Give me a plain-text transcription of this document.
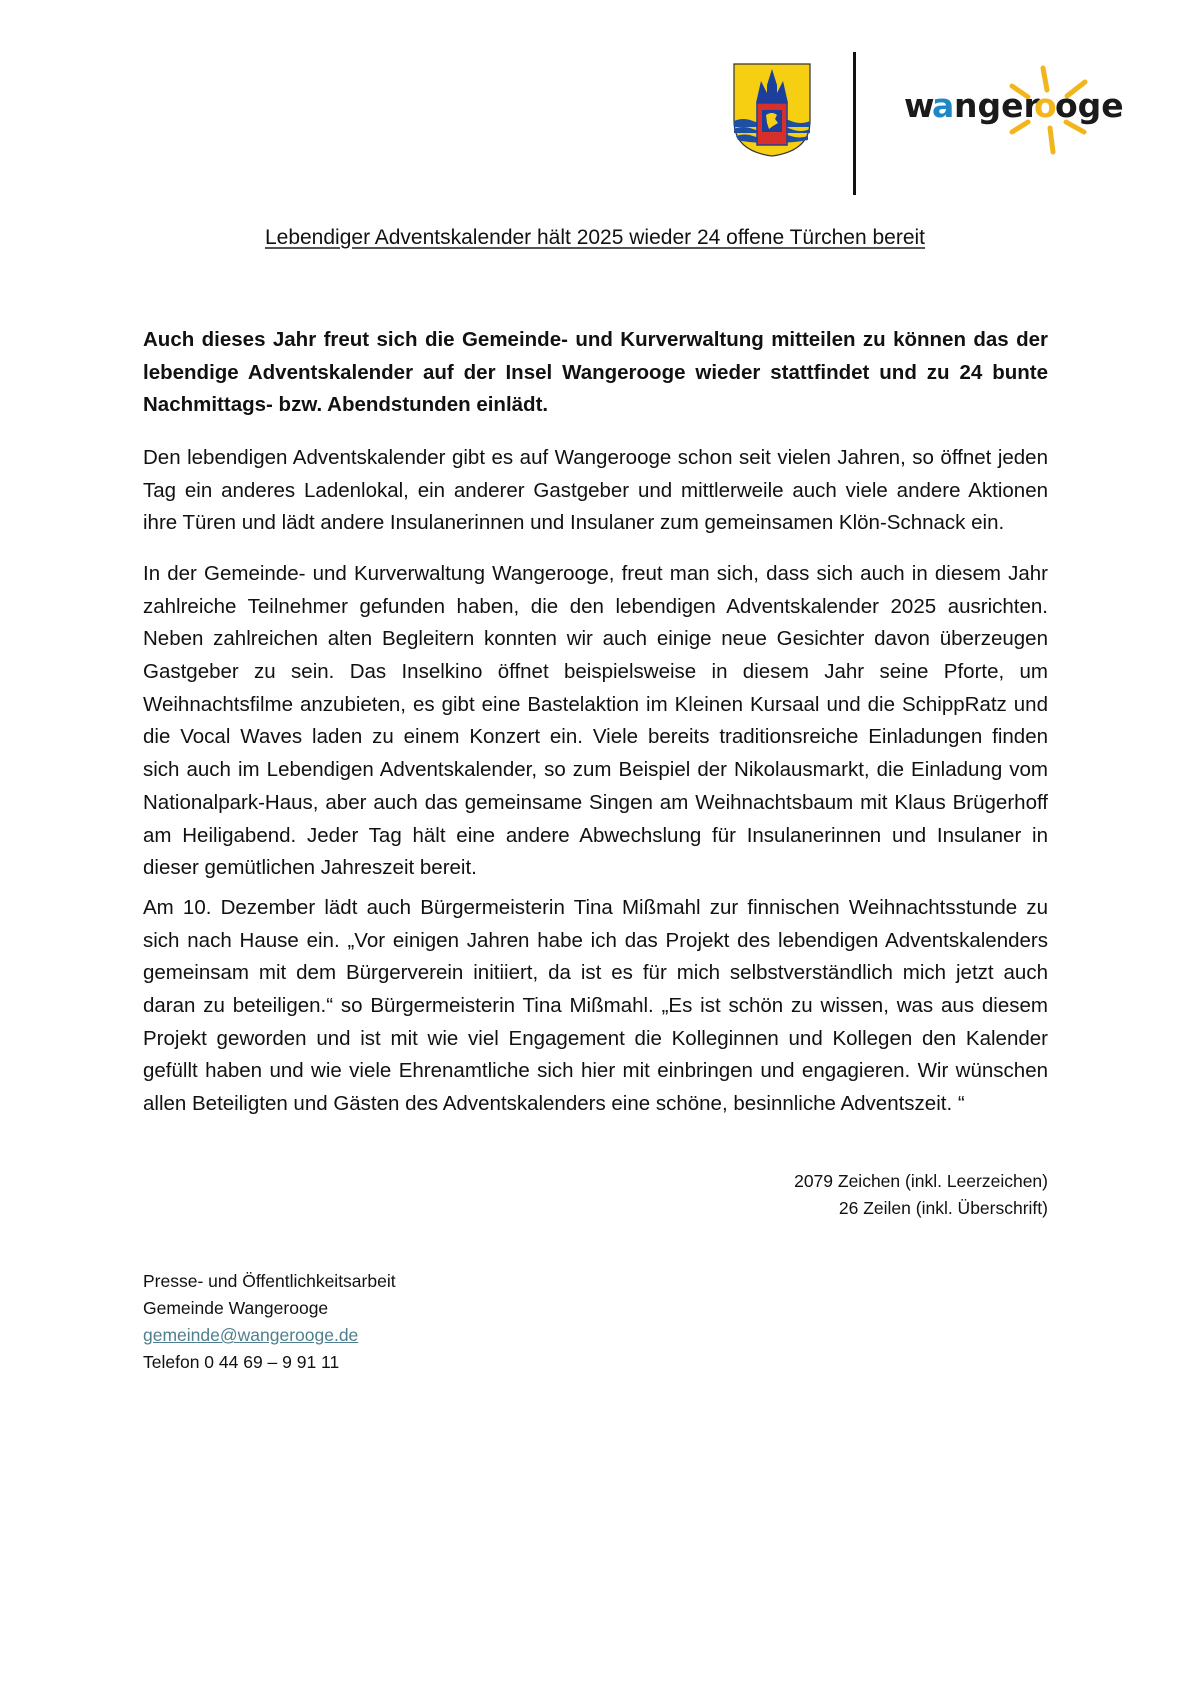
w
a nger
o
oge
Lebendiger Adventskalender hält 2025 wieder 24 offene Türchen bereit
Auch dieses Jahr freut sich die Gemeinde- und Kurverwaltung mitteilen zu können das der
lebendige Adventskalender auf der Insel Wangerooge wieder stattfindet und zu 24 bunte
Nachmittags- bzw. Abendstunden einlädt.
Den lebendigen Adventskalender gibt es auf Wangerooge schon seit vielen Jahren, so öffnet jeden
Tag ein anderes Ladenlokal, ein anderer Gastgeber und mittlerweile auch viele andere Aktionen
ihre Türen und lädt andere Insulanerinnen und Insulaner zum gemeinsamen Klön-Schnack ein.
In der Gemeinde- und Kurverwaltung Wangerooge, freut man sich, dass sich auch in diesem Jahr
zahlreiche Teilnehmer gefunden haben, die den lebendigen Adventskalender 2025 ausrichten.
Neben zahlreichen alten Begleitern konnten wir auch einige neue Gesichter davon überzeugen
Gastgeber zu sein. Das Inselkino öffnet beispielsweise in diesem Jahr seine Pforte, um
Weihnachtsfilme anzubieten, es gibt eine Bastelaktion im Kleinen Kursaal und die SchippRatz und
die Vocal Waves laden zu einem Konzert ein. Viele bereits traditionsreiche Einladungen finden
sich auch im Lebendigen Adventskalender, so zum Beispiel der Nikolausmarkt, die Einladung vom
Nationalpark-Haus, aber auch das gemeinsame Singen am Weihnachtsbaum mit Klaus Brügerhoff
am Heiligabend. Jeder Tag hält eine andere Abwechslung für Insulanerinnen und Insulaner in
dieser gemütlichen Jahreszeit bereit.
Am 10. Dezember lädt auch Bürgermeisterin Tina Mißmahl zur finnischen Weihnachtsstunde zu
sich nach Hause ein. „Vor einigen Jahren habe ich das Projekt des lebendigen Adventskalenders
gemeinsam mit dem Bürgerverein initiiert, da ist es für mich selbstverständlich mich jetzt auch
daran zu beteiligen.“ so Bürgermeisterin Tina Mißmahl. „Es ist schön zu wissen, was aus diesem
Projekt geworden und ist mit wie viel Engagement die Kolleginnen und Kollegen den Kalender
gefüllt haben und wie viele Ehrenamtliche sich hier mit einbringen und engagieren. Wir wünschen
allen Beteiligten und Gästen des Adventskalenders eine schöne, besinnliche Adventszeit. “
2079 Zeichen (inkl. Leerzeichen)
26 Zeilen (inkl. Überschrift)
Presse- und Öffentlichkeitsarbeit
Gemeinde Wangerooge
gemeinde@wangerooge.de
Telefon 0 44 69 – 9 91 11
